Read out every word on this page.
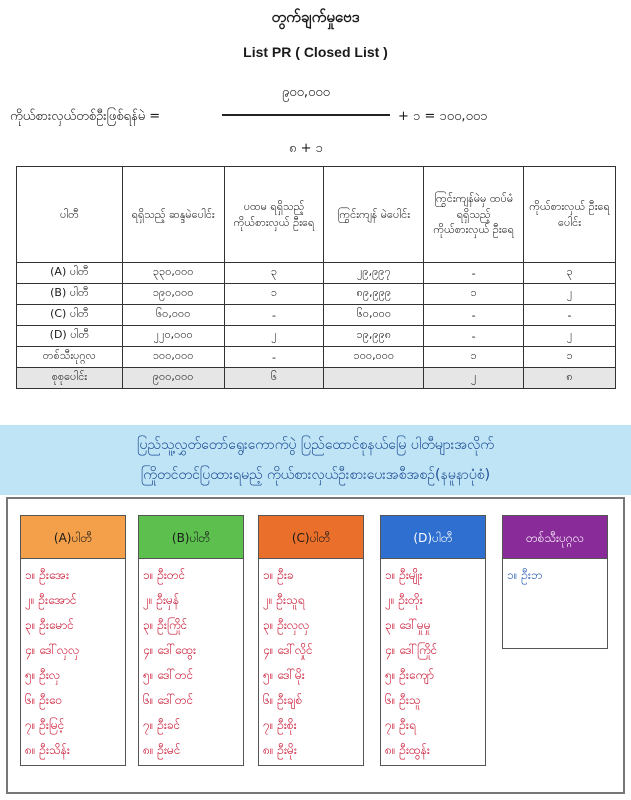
တွက်ချက်မှုဗေဒ
List PR ( Closed List )
ကိုယ်စားလှယ်တစ်ဦးဖြစ်ရန်မဲ =
၉၀၀,၀၀၀
+ ၁ = ၁၀၀,၀၀၁
၈ + ၁
ပါတီ	ရရှိသည့် ဆန္ဒမဲပေါင်း	ပထမ ရရှိသည့် ကိုယ်စားလှယ် ဦးရေ	ကြွင်းကျန် မဲပေါင်း	ကြွင်းကျန်မဲမှ ထပ်မံရရှိသည့် ကိုယ်စားလှယ် ဦးရေ	ကိုယ်စားလှယ် ဦးရေပေါင်း
(A) ပါတီ	၃၃၀,၀၀၀	၃	၂၉,၉၉၇	-	၃
(B) ပါတီ	၁၉၀,၀၀၀	၁	၈၉,၉၉၉	၁	၂
(C) ပါတီ	၆၀,၀၀၀	-	၆၀,၀၀၀	-	-
(D) ပါတီ	၂၂၀,၀၀၀	၂	၁၉,၉၉၈	-	၂
တစ်သီးပုဂ္ဂလ	၁၀၀,၀၀၀	-	၁၀၀,၀၀၀	၁	၁
စုစုပေါင်း	၉၀၀,၀၀၀	၆		၂	၈
ပြည်သူ့လွှတ်တော်ရွေးကောက်ပွဲ ပြည်ထောင်စုနယ်မြေ ပါတီများအလိုက်
ကြိုတင်တင်ပြထားရမည့် ကိုယ်စားလှယ်ဦးစားပေးအစီအစဉ်(နမူနာပုံစံ)
(A)ပါတီ
၁။ ဦးအေး
၂။ ဦးအောင်
၃။ ဦးမောင်
၄။ ဒေါ်လှလှ
၅။ ဦးလှ
၆။ ဦးဝေ
၇။ ဦးမြင့်
၈။ ဦးသိန်း
(B)ပါတီ
၁။ ဦးတင်
၂။ ဦးမှန်
၃။ ဦးကြိုင်
၄။ ဒေါ်ထွေး
၅။ ဒေါ်တင်
၆။ ဒေါ်တင်
၇။ ဦးခင်
၈။ ဦးမင်
(C)ပါတီ
၁။ ဦးခ
၂။ ဦးသူရ
၃။ ဦးလှလှ
၄။ ဒေါ်လှိုင်
၅။ ဒေါ်မိုး
၆။ ဦးချစ်
၇။ ဦးစိုး
၈။ ဦးမိုး
(D)ပါတီ
၁။ ဦးမျိုး
၂။ ဦးတိုး
၃။ ဒေါ်မှုမှု
၄။ ဒေါ်ကြိုင်
၅။ ဦးကျော်
၆။ ဦးသူ
၇။ ဦးရ
၈။ ဦးထွန်း
တစ်သီးပုဂ္ဂလ
၁။ ဦးဘ
